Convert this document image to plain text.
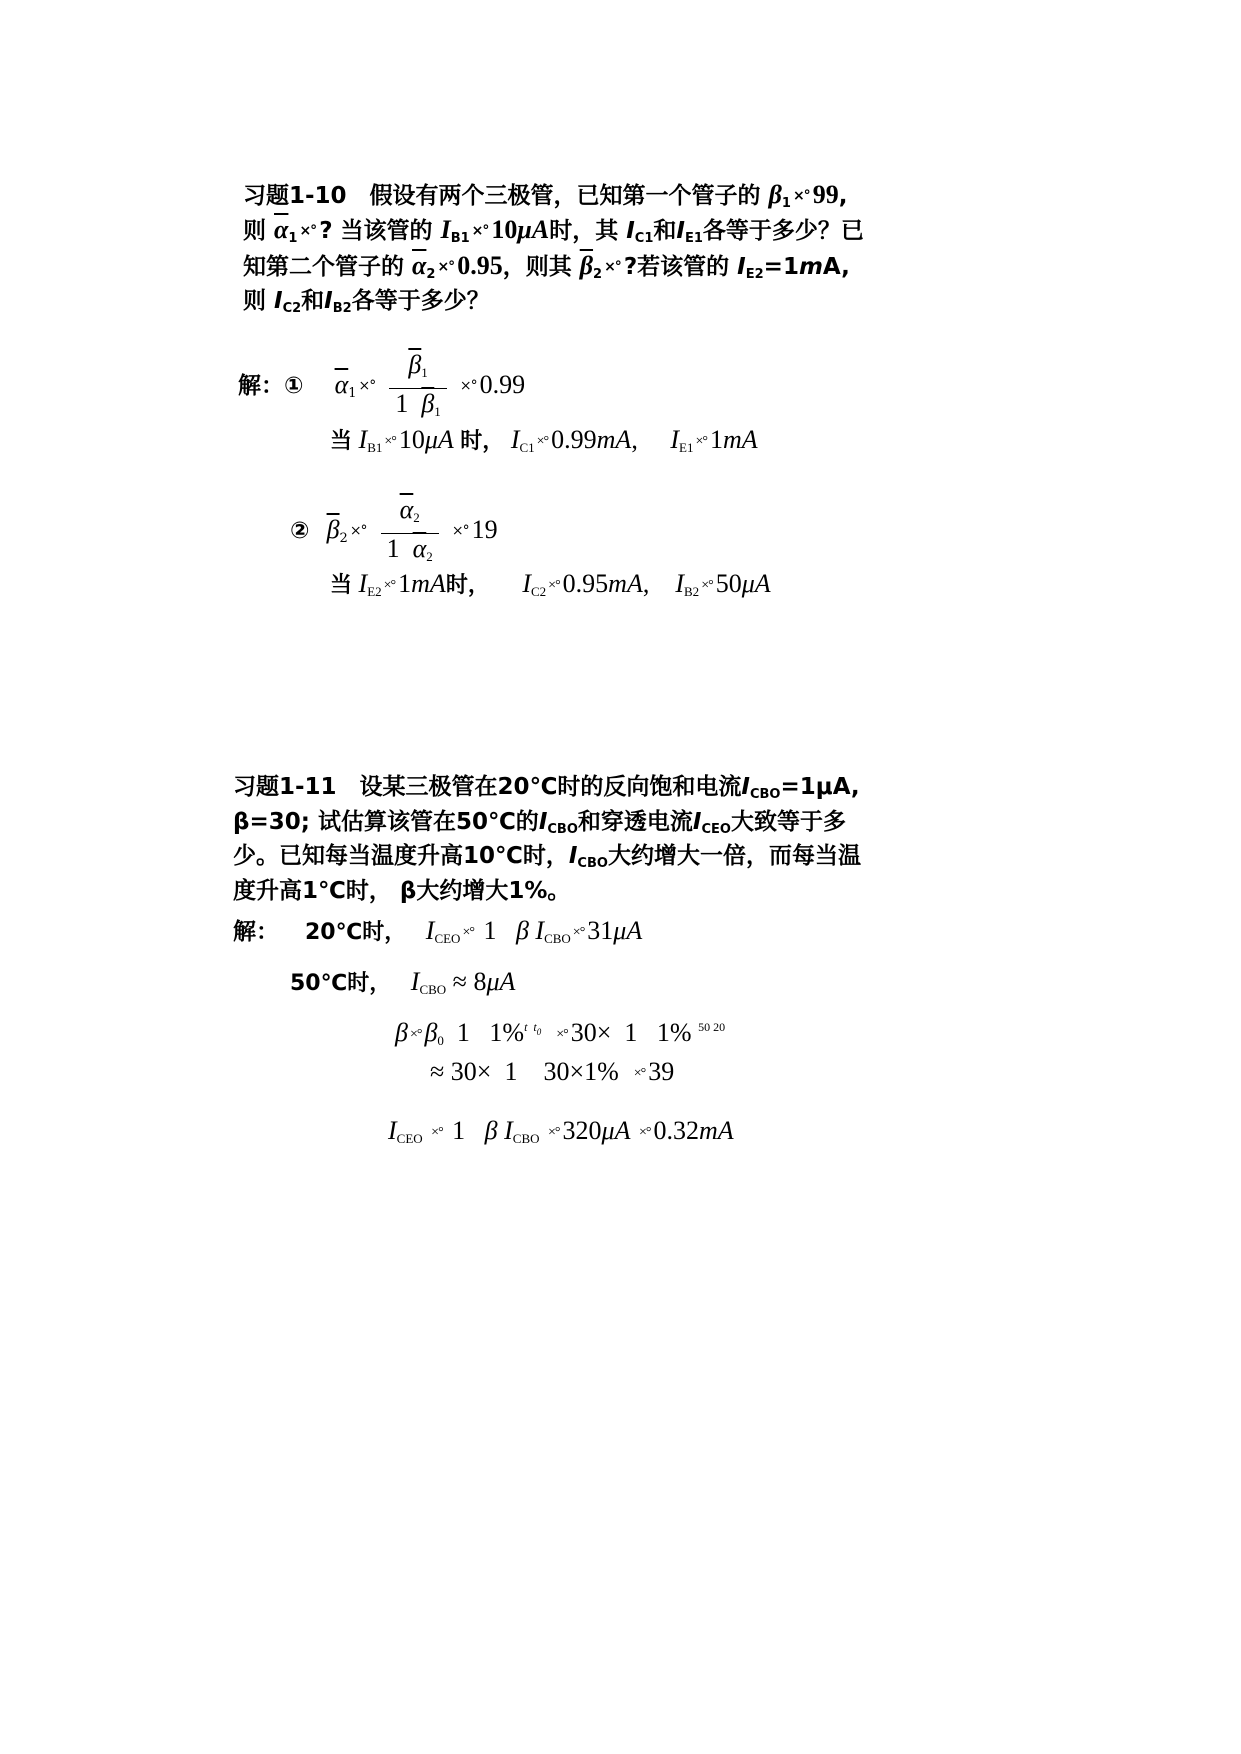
习题1-10　假设有两个三极管，已知第一个管子的 $\beta_1$ ×° 99,
则 $\overline{\alpha}_1$ ×° ? 当该管的 $I_{B1}$ ×° 10μA时，其 $I_{C1}$和$I_{E1}$各等于多少？已
知第二个管子的 $\overline{\alpha}_2$ ×° 0.95，则其 $\overline{\beta}_2$ ×° ?若该管的 $I_{E2}=1mA$,
则 $I_{C2}$和$I_{B2}$各等于多少？
解：① $\overline{\alpha}_1$ ×° $\frac{\overline{\beta}_1}{1 \overline{\beta}_1}$ ×° 0.99
当 $I_{B1}$ ×° 10μA 时， $I_{C1}$ ×° 0.99mA,     $I_{E1}$ ×° 1mA
② $\overline{\beta}_2$ ×° $\frac{\overline{\alpha}_2}{1 \overline{\alpha}_2}$ ×° 19
当 $I_{E2}$ ×° 1mA时， $I_{C2}$ ×° 0.95mA,    $I_{B2}$ ×° 50μA
习题1-11　设某三极管在20℃时的反向饱和电流$I_{CBO}=1\mu A$,
β=30; 试估算该管在50℃的$I_{CBO}$和穿透电流$I_{CEO}$大致等于多
少。已知每当温度升高10℃时，$I_{CBO}$大约增大一倍，而每当温
度升高1℃时， β大约增大1%。
解： 20℃时， $I_{CEO}$ ×° 1   β $I_{CBO}$ ×° 31μA
50℃时， $I_{CBO} \approx 8\mu A$
β ×° $\beta_0$  1   1%$^{t t_0}$ ×° 30×  1   1% $^{50 20}$
≈ 30×  1    30×1%  ×° 39
$I_{CEO}$ ×° 1   β $I_{CBO}$ ×° 320μA ×° 0.32mA
